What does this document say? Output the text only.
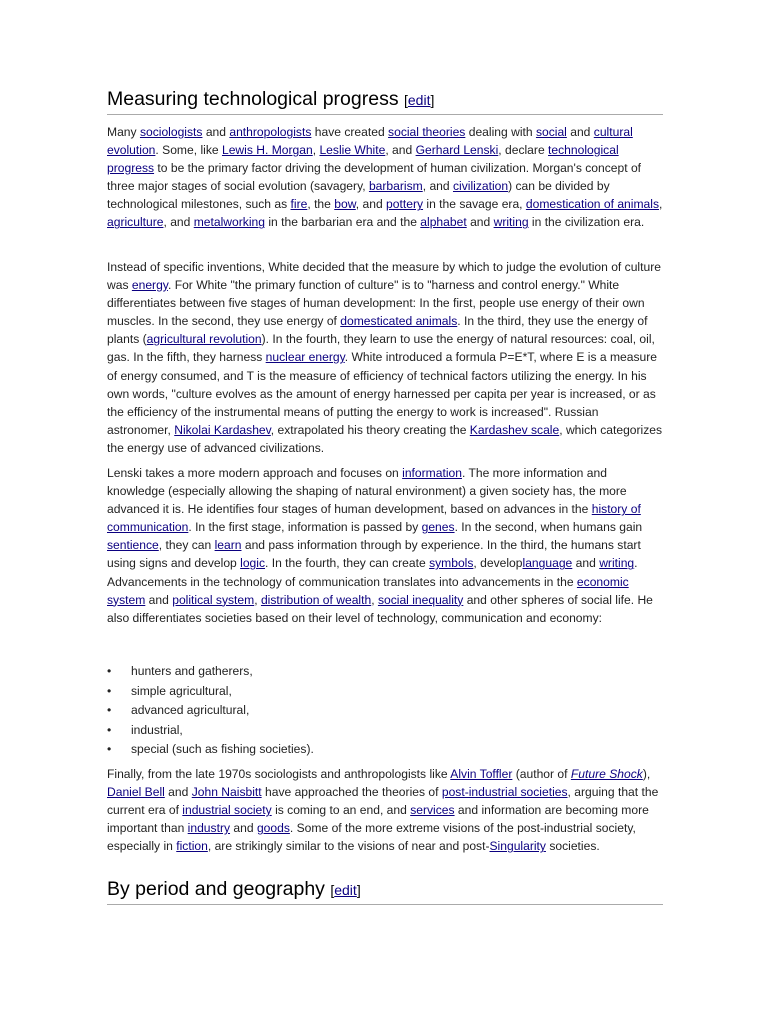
Measuring technological progress [edit]

Many sociologists and anthropologists have created social theories dealing with social and cultural evolution. Some, like Lewis H. Morgan, Leslie White, and Gerhard Lenski, declare technological progress to be the primary factor driving the development of human civilization. Morgan's concept of three major stages of social evolution (savagery, barbarism, and civilization) can be divided by technological milestones, such as fire, the bow, and pottery in the savage era, domestication of animals, agriculture, and metalworking in the barbarian era and the alphabet and writing in the civilization era.

Instead of specific inventions, White decided that the measure by which to judge the evolution of culture was energy. For White "the primary function of culture" is to "harness and control energy." White differentiates between five stages of human development: In the first, people use energy of their own muscles. In the second, they use energy of domesticated animals. In the third, they use the energy of plants (agricultural revolution). In the fourth, they learn to use the energy of natural resources: coal, oil, gas. In the fifth, they harness nuclear energy. White introduced a formula P=E*T, where E is a measure of energy consumed, and T is the measure of efficiency of technical factors utilizing the energy. In his own words, "culture evolves as the amount of energy harnessed per capita per year is increased, or as the efficiency of the instrumental means of putting the energy to work is increased". Russian astronomer, Nikolai Kardashev, extrapolated his theory creating the Kardashev scale, which categorizes the energy use of advanced civilizations.

Lenski takes a more modern approach and focuses on information. The more information and knowledge (especially allowing the shaping of natural environment) a given society has, the more advanced it is. He identifies four stages of human development, based on advances in the history of communication. In the first stage, information is passed by genes. In the second, when humans gain sentience, they can learn and pass information through by experience. In the third, the humans start using signs and develop logic. In the fourth, they can create symbols, developlanguage and writing. Advancements in the technology of communication translates into advancements in the economic system and political system, distribution of wealth, social inequality and other spheres of social life. He also differentiates societies based on their level of technology, communication and economy:

• hunters and gatherers,
• simple agricultural,
• advanced agricultural,
• industrial,
• special (such as fishing societies).

Finally, from the late 1970s sociologists and anthropologists like Alvin Toffler (author of Future Shock), Daniel Bell and John Naisbitt have approached the theories of post-industrial societies, arguing that the current era of industrial society is coming to an end, and services and information are becoming more important than industry and goods. Some of the more extreme visions of the post-industrial society, especially in fiction, are strikingly similar to the visions of near and post-Singularity societies.

By period and geography [edit]
